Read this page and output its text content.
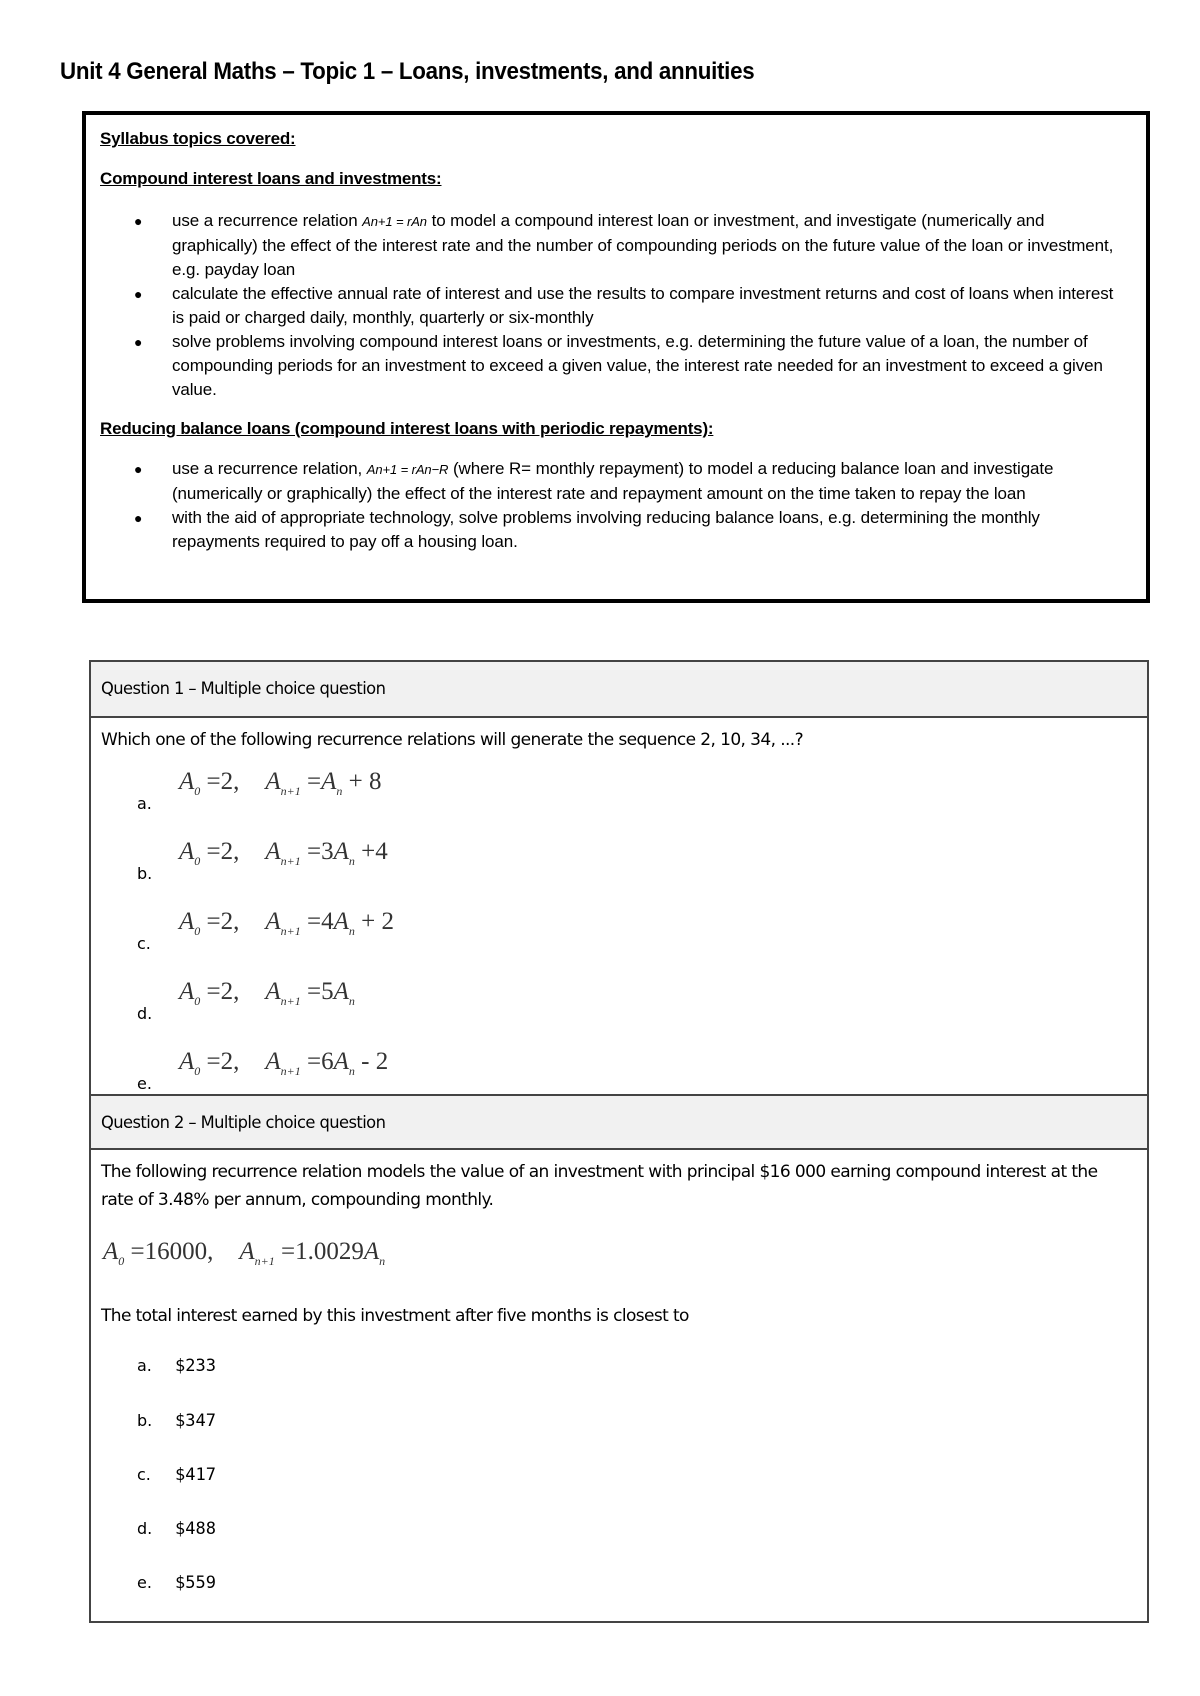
Unit 4 General Maths – Topic 1 – Loans, investments, and annuities
Syllabus topics covered:
Compound interest loans and investments:
● use a recurrence relation An+1 = rAn to model a compound interest loan or investment, and investigate (numerically and graphically) the effect of the interest rate and the number of compounding periods on the future value of the loan or investment, e.g. payday loan
● calculate the effective annual rate of interest and use the results to compare investment returns and cost of loans when interest is paid or charged daily, monthly, quarterly or six-monthly
● solve problems involving compound interest loans or investments, e.g. determining the future value of a loan, the number of compounding periods for an investment to exceed a given value, the interest rate needed for an investment to exceed a given value.
Reducing balance loans (compound interest loans with periodic repayments):
● use a recurrence relation, An+1 = rAn−R (where R= monthly repayment) to model a reducing balance loan and investigate (numerically or graphically) the effect of the interest rate and repayment amount on the time taken to repay the loan
● with the aid of appropriate technology, solve problems involving reducing balance loans, e.g. determining the monthly repayments required to pay off a housing loan.
Question 1 – Multiple choice question
Which one of the following recurrence relations will generate the sequence 2, 10, 34, ...?
a.
$A_0 =2$, $A_{n+1} =A_n + 8$
b.
$A_0 =2$, $A_{n+1} =3A_n +4$
c.
$A_0 =2$, $A_{n+1} =4A_n + 2$
d.
$A_0 =2$, $A_{n+1} =5A_n$
e.
$A_0 =2$, $A_{n+1} =6A_n - 2$
Question 2 – Multiple choice question
The following recurrence relation models the value of an investment with principal $16 000 earning compound interest at the rate of 3.48% per annum, compounding monthly.
$A_0 =16000$, $A_{n+1} =1.0029A_n$
The total interest earned by this investment after five months is closest to
a. $233
b. $347
c. $417
d. $488
e. $559
